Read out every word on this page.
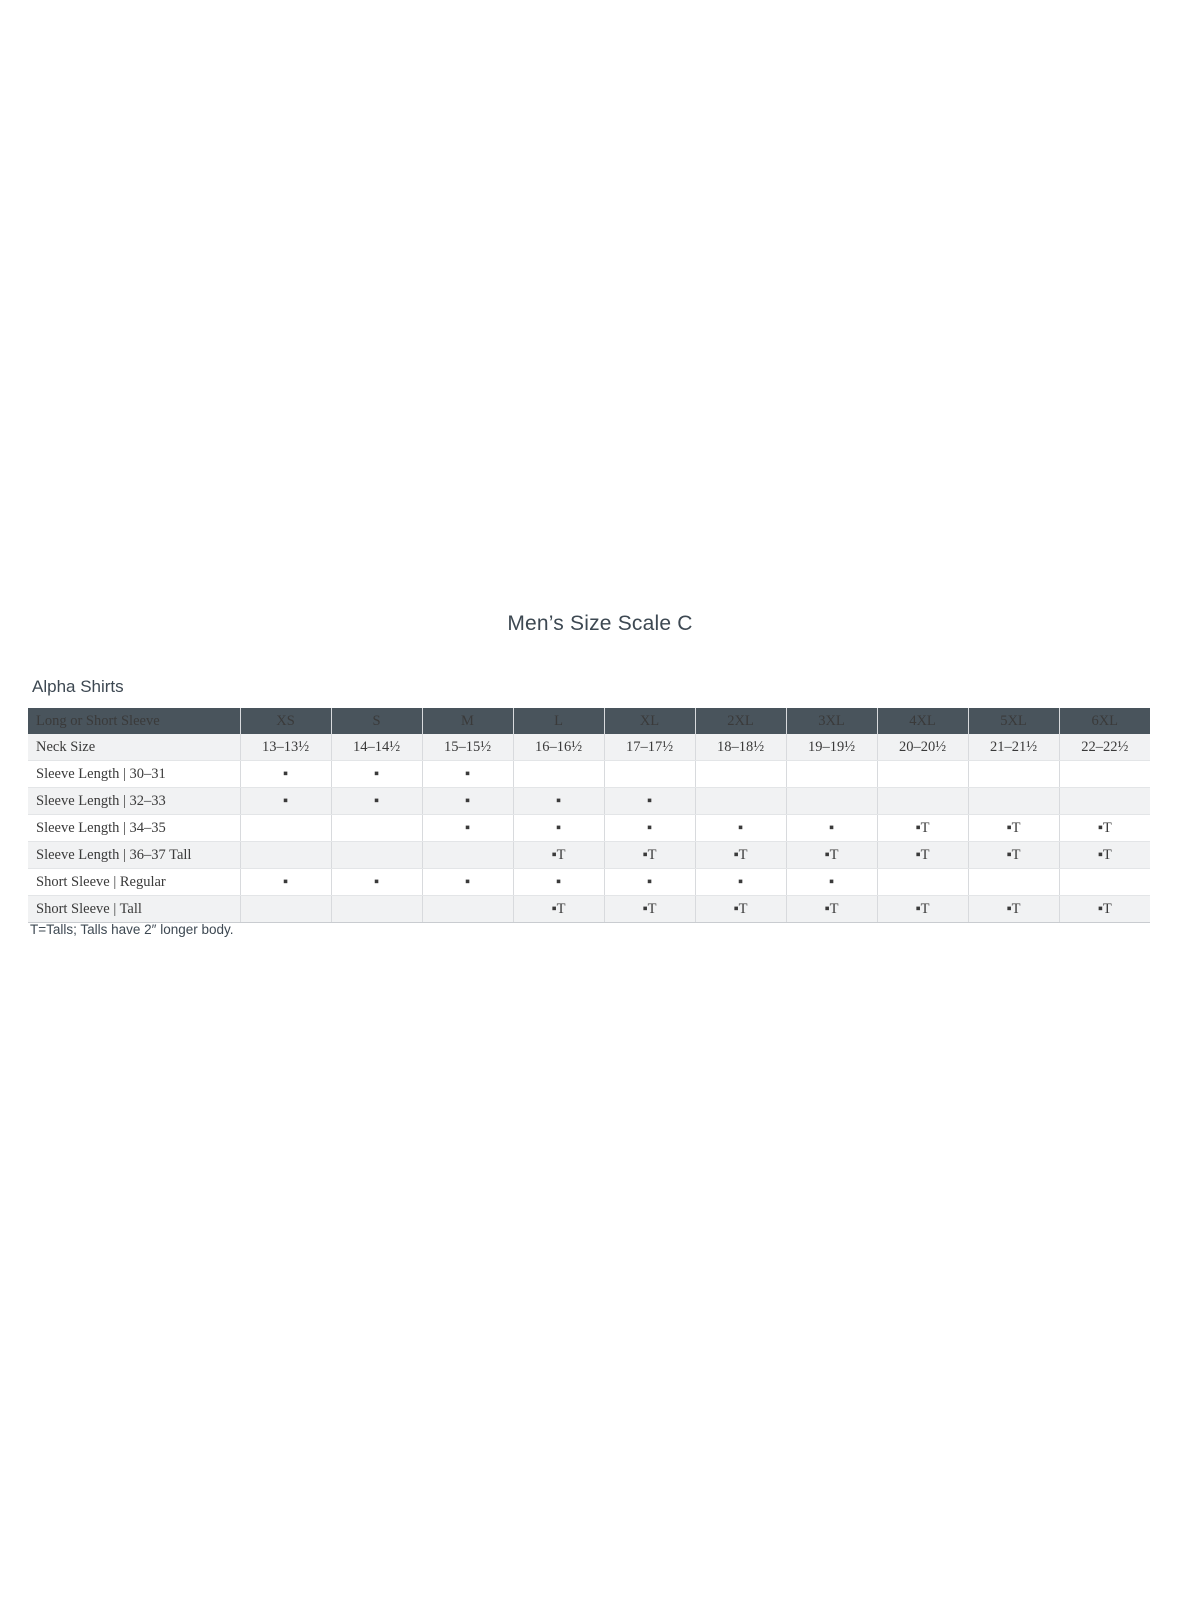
Men’s Size Scale C
Alpha Shirts
Long or Short Sleeve	XS	S	M	L	XL	2XL	3XL	4XL	5XL	6XL
Neck Size	13–13½	14–14½	15–15½	16–16½	17–17½	18–18½	19–19½	20–20½	21–21½	22–22½
Sleeve Length | 30–31	▪	▪	▪							
Sleeve Length | 32–33	▪	▪	▪	▪	▪					
Sleeve Length | 34–35			▪	▪	▪	▪	▪	▪T	▪T	▪T
Sleeve Length | 36–37 Tall				▪T	▪T	▪T	▪T	▪T	▪T	▪T
Short Sleeve | Regular	▪	▪	▪	▪	▪	▪	▪			
Short Sleeve | Tall				▪T	▪T	▪T	▪T	▪T	▪T	▪T
T=Talls; Talls have 2″ longer body.
